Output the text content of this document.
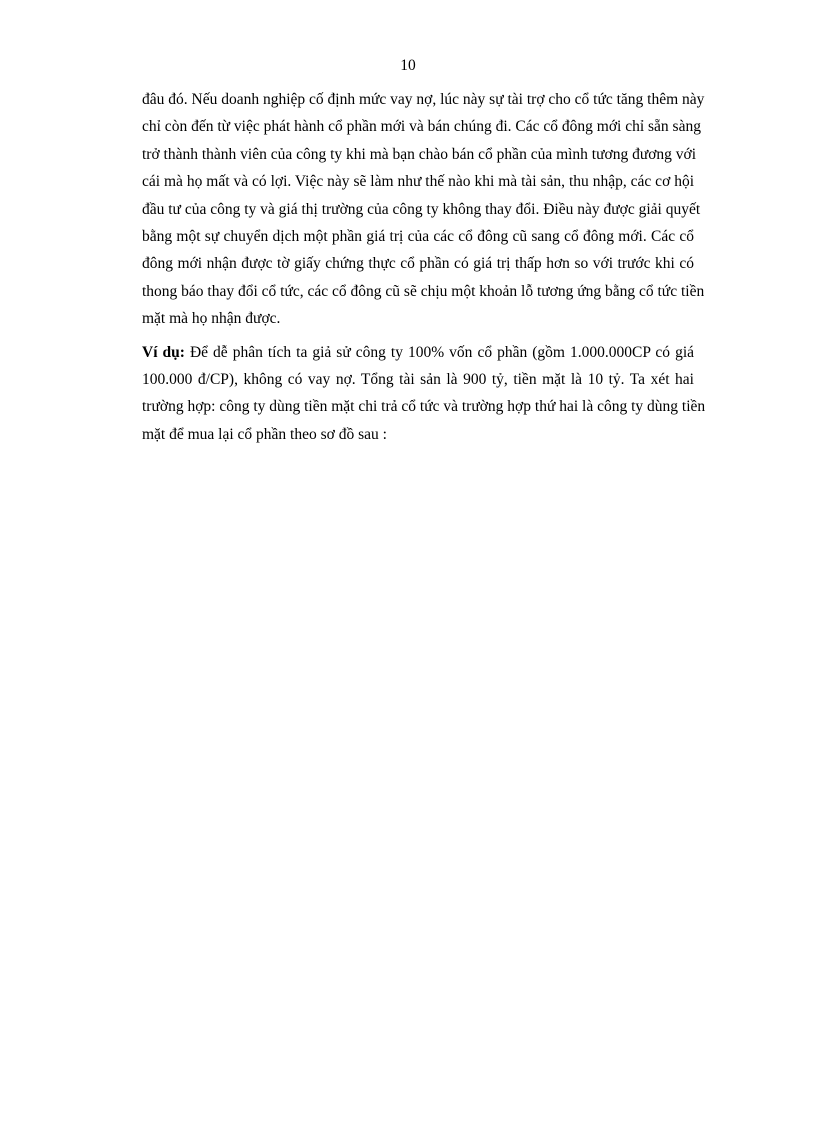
10

đâu đó. Nếu doanh nghiệp cố định mức vay nợ, lúc này sự tài trợ cho cổ tức tăng thêm này
chỉ còn đến từ việc phát hành cổ phần mới và bán chúng đi. Các cổ đông mới chỉ sẵn sàng
trở thành thành viên của công ty khi mà bạn chào bán cổ phần của mình tương đương với
cái mà họ mất và có lợi. Việc này sẽ làm như thế nào khi mà tài sản, thu nhập, các cơ hội
đầu tư của công ty và giá thị trường của công ty không thay đổi. Điều này được giải quyết
bằng một sự chuyển dịch một phần giá trị của các cổ đông cũ sang cổ đông mới. Các cổ
đông mới nhận được tờ giấy chứng thực cổ phần có giá trị thấp hơn so với trước khi có
thong báo thay đổi cổ tức, các cổ đông cũ sẽ chịu một khoản lỗ tương ứng bằng cổ tức tiền
mặt mà họ nhận được.

Ví dụ: Để dễ phân tích ta giả sử công ty 100% vốn cổ phần (gồm 1.000.000CP có giá
100.000 đ/CP), không có vay nợ. Tổng tài sản là 900 tỷ, tiền mặt là 10 tỷ. Ta xét hai
trường hợp: công ty dùng tiền mặt chi trả cổ tức và trường hợp thứ hai là công ty dùng tiền
mặt để mua lại cổ phần theo sơ đồ sau :
